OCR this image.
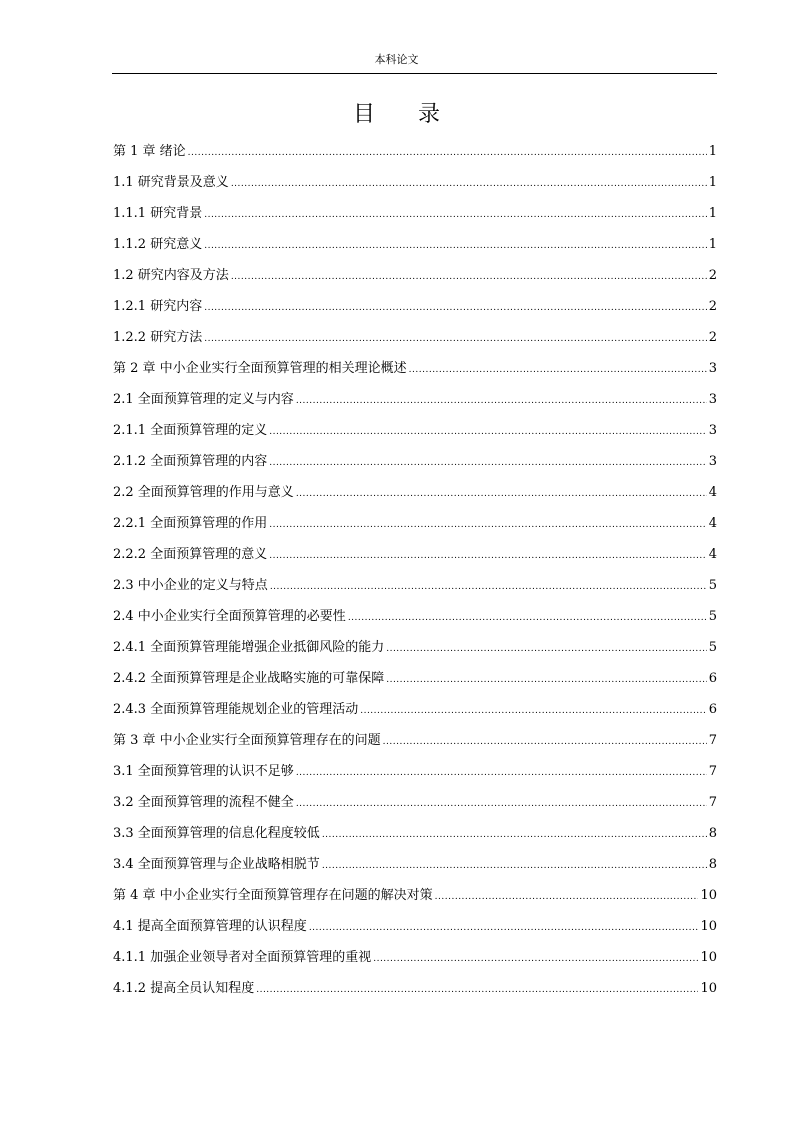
本科论文
目 录
第 1 章 绪论 .....	1
1.1 研究背景及意义 .....	1
1.1.1 研究背景 .....	1
1.1.2 研究意义 .....	1
1.2 研究内容及方法 .....	2
1.2.1 研究内容 .....	2
1.2.2 研究方法 .....	2
第 2 章 中小企业实行全面预算管理的相关理论概述 .....	3
2.1 全面预算管理的定义与内容 .....	3
2.1.1 全面预算管理的定义 .....	3
2.1.2 全面预算管理的内容 .....	3
2.2 全面预算管理的作用与意义 .....	4
2.2.1 全面预算管理的作用 .....	4
2.2.2 全面预算管理的意义 .....	4
2.3 中小企业的定义与特点 .....	5
2.4 中小企业实行全面预算管理的必要性 .....	5
2.4.1 全面预算管理能增强企业抵御风险的能力 .....	5
2.4.2 全面预算管理是企业战略实施的可靠保障 .....	6
2.4.3 全面预算管理能规划企业的管理活动 .....	6
第 3 章 中小企业实行全面预算管理存在的问题 .....	7
3.1 全面预算管理的认识不足够 .....	7
3.2 全面预算管理的流程不健全 .....	7
3.3 全面预算管理的信息化程度较低 .....	8
3.4 全面预算管理与企业战略相脱节 .....	8
第 4 章 中小企业实行全面预算管理存在问题的解决对策 .....	10
4.1 提高全面预算管理的认识程度 .....	10
4.1.1 加强企业领导者对全面预算管理的重视 .....	10
4.1.2 提高全员认知程度 .....	10
